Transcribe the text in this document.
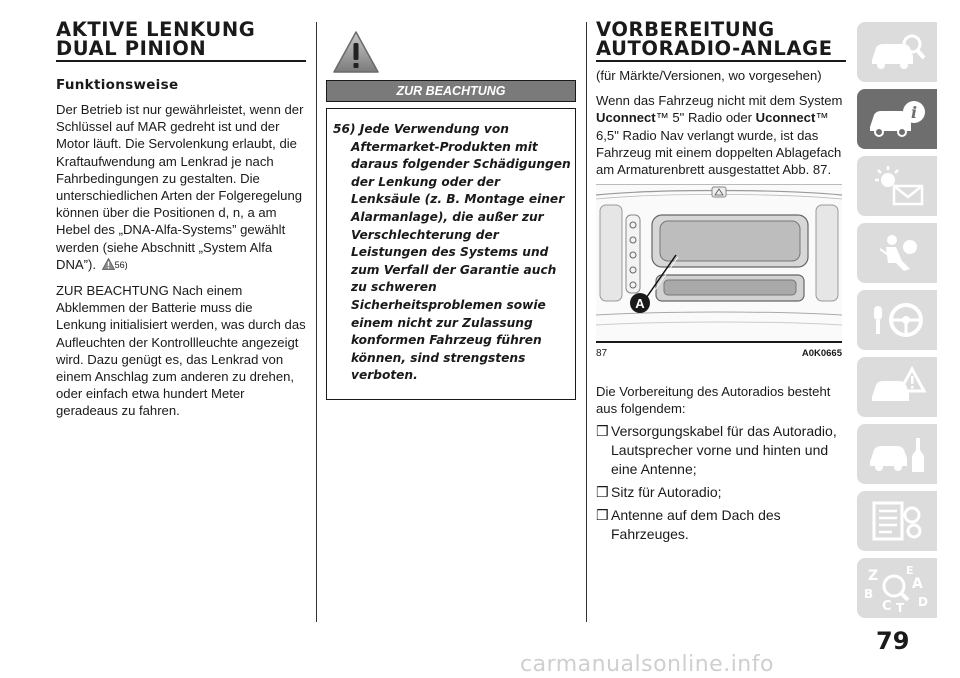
AKTIVE LENKUNG
DUAL PINION
Funktionsweise

Der Betrieb ist nur gewährleistet, wenn der Schlüssel auf MAR gedreht ist und der Motor läuft. Die Servolenkung erlaubt, die Kraftaufwendung am Lenkrad je nach Fahrbedingungen zu gestalten. Die unterschiedlichen Arten der Folgeregelung können über die Positionen d, n, a am Hebel des „DNA-Alfa-Systems” gewählt werden (siehe Abschnitt „System Alfa DNA”). 56)

ZUR BEACHTUNG Nach einem Abklemmen der Batterie muss die Lenkung initialisiert werden, was durch das Aufleuchten der Kontrollleuchte angezeigt wird. Dazu genügt es, das Lenkrad von einem Anschlag zum anderen zu drehen, oder einfach etwa hundert Meter geradeaus zu fahren.

ZUR BEACHTUNG
56) Jede Verwendung von Aftermarket-Produkten mit daraus folgender Schädigungen der Lenkung oder der Lenksäule (z. B. Montage einer Alarmanlage), die außer zur Verschlechterung der Leistungen des Systems und zum Verfall der Garantie auch zu schweren Sicherheitsproblemen sowie einem nicht zur Zulassung konformen Fahrzeug führen können, sind strengstens verboten.
VORBEREITUNG
AUTORADIO-ANLAGE

(für Märkte/Versionen, wo vorgesehen)

Wenn das Fahrzeug nicht mit dem System Uconnect™ 5" Radio oder Uconnect™ 6,5" Radio Nav verlangt wurde, ist das Fahrzeug mit einem doppelten Ablagefach am Armaturenbrett ausgestattet Abb. 87.

A
87	A0K0665

Die Vorbereitung des Autoradios besteht aus folgendem:

❒ Versorgungskabel für das Autoradio, Lautsprecher vorne und hinten und eine Antenne;
❒ Sitz für Autoradio;
❒ Antenne auf dem Dach des Fahrzeuges.
i
Z	E
A
B
C T D
79
carmanualsonline.info
